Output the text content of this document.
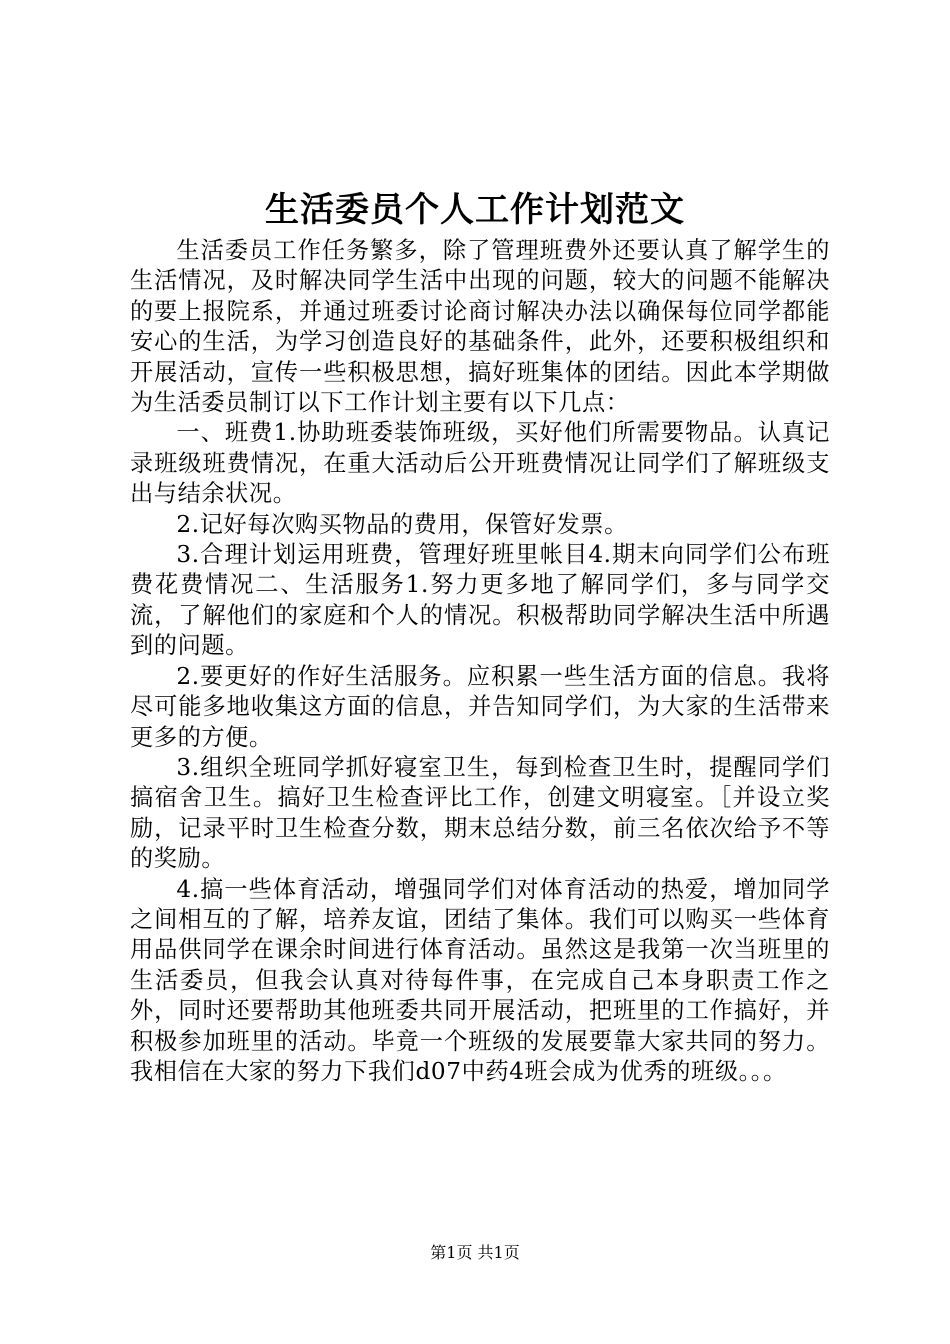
生活委员个人工作计划范文

生活委员工作任务繁多，除了管理班费外还要认真了解学生的生活情况，及时解决同学生活中出现的问题，较大的问题不能解决的要上报院系，并通过班委讨论商讨解决办法以确保每位同学都能安心的生活，为学习创造良好的基础条件，此外，还要积极组织和开展活动，宣传一些积极思想，搞好班集体的团结。因此本学期做为生活委员制订以下工作计划主要有以下几点：

一、班费1.协助班委装饰班级，买好他们所需要物品。认真记录班级班费情况，在重大活动后公开班费情况让同学们了解班级支出与结余状况。

2.记好每次购买物品的费用，保管好发票。

3.合理计划运用班费，管理好班里帐目4.期末向同学们公布班费花费情况二、生活服务1.努力更多地了解同学们，多与同学交流，了解他们的家庭和个人的情况。积极帮助同学解决生活中所遇到的问题。

2.要更好的作好生活服务。应积累一些生活方面的信息。我将尽可能多地收集这方面的信息，并告知同学们，为大家的生活带来更多的方便。

3.组织全班同学抓好寝室卫生，每到检查卫生时，提醒同学们搞宿舍卫生。搞好卫生检查评比工作，创建文明寝室。［并设立奖励，记录平时卫生检查分数，期末总结分数，前三名依次给予不等的奖励。

4.搞一些体育活动，增强同学们对体育活动的热爱，增加同学之间相互的了解，培养友谊，团结了集体。我们可以购买一些体育用品供同学在课余时间进行体育活动。虽然这是我第一次当班里的生活委员，但我会认真对待每件事，在完成自己本身职责工作之外，同时还要帮助其他班委共同开展活动，把班里的工作搞好，并积极参加班里的活动。毕竟一个班级的发展要靠大家共同的努力。我相信在大家的努力下我们d07中药4班会成为优秀的班级。。。

第1页 共1页
